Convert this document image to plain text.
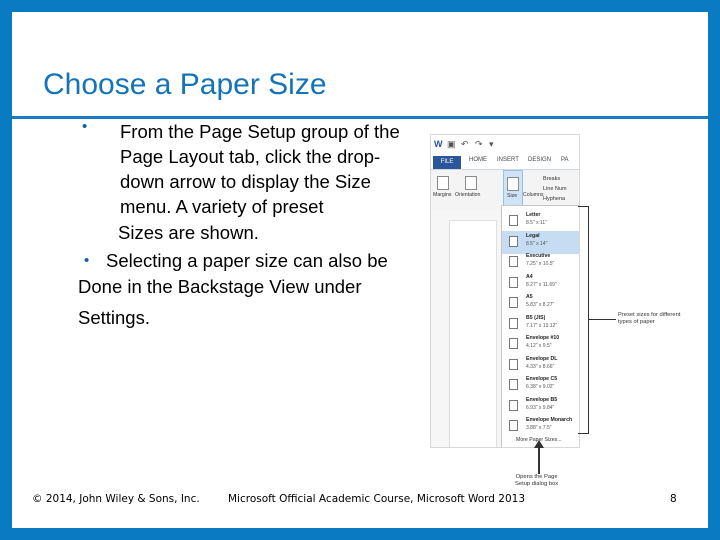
Choose a Paper Size
• From the Page Setup group of the
Page Layout tab, click the drop-
down arrow to display the Size
menu. A variety of preset
Sizes are shown.
• Selecting a paper size can also be
Done in the Backstage View under
Settings.
© 2014, John Wiley & Sons, Inc.	Microsoft Official Academic Course, Microsoft Word 2013	8
W ▣ ↶ ↷ ▾
FILE	HOME INSERT DESIGN PA
Margins Orientation	Size Columns
Breaks
Line Num
Hyphena
Letter
8.5" x 11"
Legal
8.5" x 14"
Executive
7.25" x 10.5"
A4
8.27" x 11.69"
A5
5.83" x 8.27"
B5 (JIS)
7.17" x 10.12"
Envelope #10
4.12" x 9.5"
Envelope DL
4.33" x 8.66"
Envelope C5
6.38" x 9.02"
Envelope B5
6.93" x 9.84"
Envelope Monarch
3.88" x 7.5"
More Paper Sizes...
Preset sizes for different
types of paper
Opens the Page
Setup dialog box
